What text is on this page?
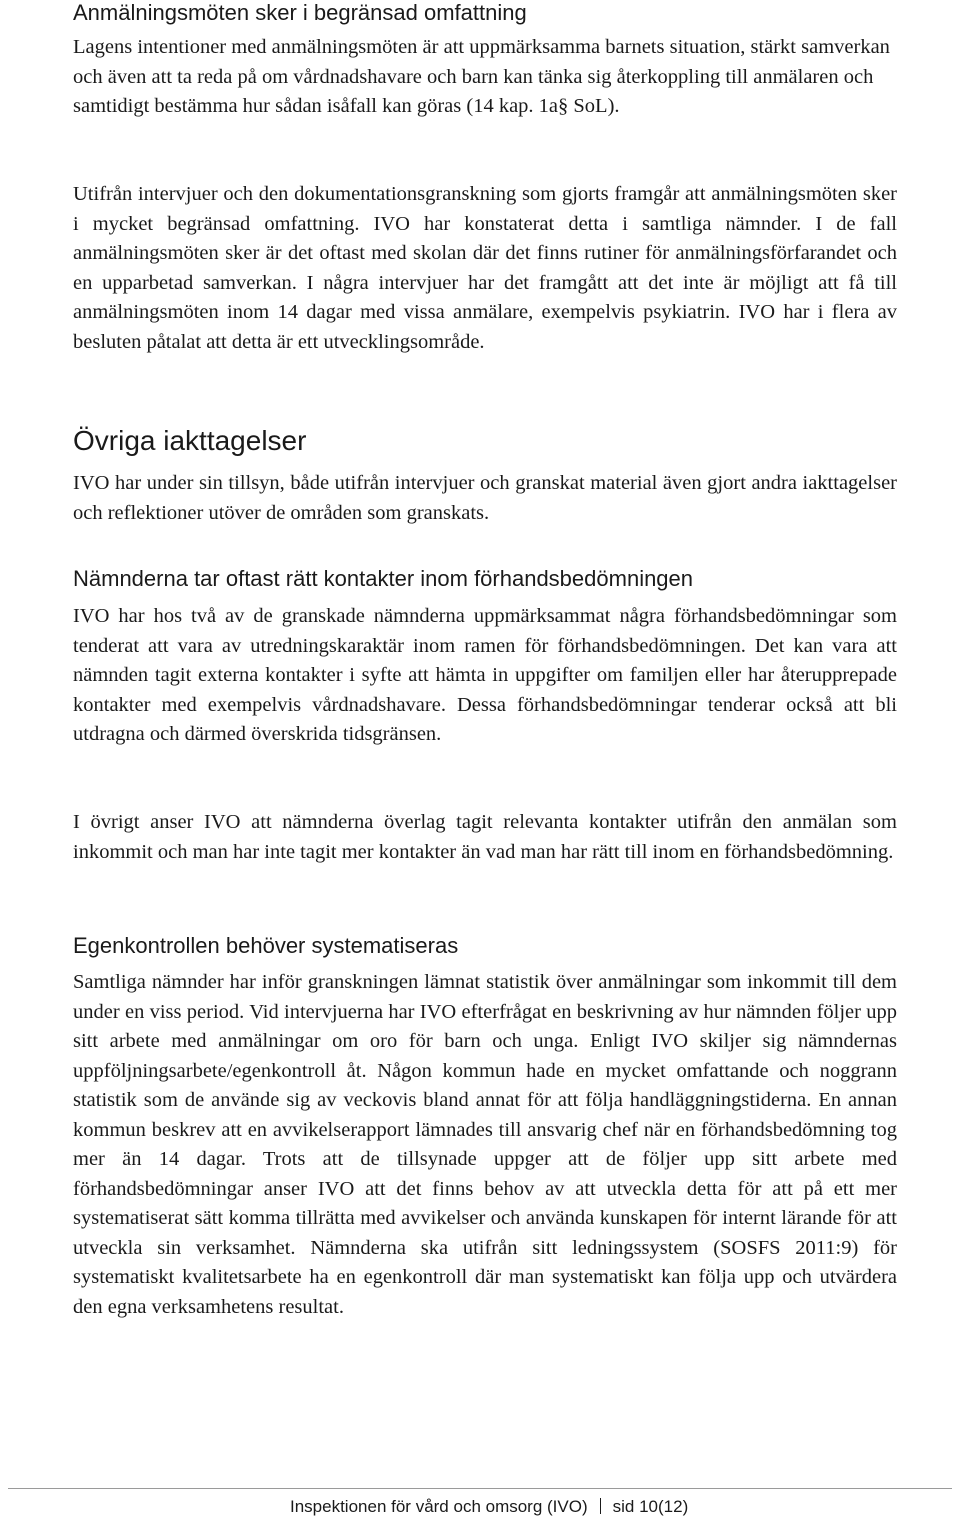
Anmälningsmöten sker i begränsad omfattning

Lagens intentioner med anmälningsmöten är att uppmärksamma barnets situation, stärkt samverkan och även att ta reda på om vårdnadshavare och barn kan tänka sig återkoppling till anmälaren och samtidigt bestämma hur sådan isåfall kan göras (14 kap. 1a§ SoL).

Utifrån intervjuer och den dokumentationsgranskning som gjorts framgår att anmälningsmöten sker i mycket begränsad omfattning. IVO har konstaterat detta i samtliga nämnder. I de fall anmälningsmöten sker är det oftast med skolan där det finns rutiner för anmälningsförfarandet och en upparbetad samverkan. I några intervjuer har det framgått att det inte är möjligt att få till anmälningsmöten inom 14 dagar med vissa anmälare, exempelvis psykiatrin. IVO har i flera av besluten påtalat att detta är ett utvecklingsområde.

Övriga iakttagelser

IVO har under sin tillsyn, både utifrån intervjuer och granskat material även gjort andra iakttagelser och reflektioner utöver de områden som granskats.

Nämnderna tar oftast rätt kontakter inom förhandsbedömningen

IVO har hos två av de granskade nämnderna uppmärksammat några förhandsbedömningar som tenderat att vara av utredningskaraktär inom ramen för förhandsbedömningen. Det kan vara att nämnden tagit externa kontakter i syfte att hämta in uppgifter om familjen eller har återupprepade kontakter med exempelvis vårdnadshavare. Dessa förhandsbedömningar tenderar också att bli utdragna och därmed överskrida tidsgränsen.

I övrigt anser IVO att nämnderna överlag tagit relevanta kontakter utifrån den anmälan som inkommit och man har inte tagit mer kontakter än vad man har rätt till inom en förhandsbedömning.

Egenkontrollen behöver systematiseras

Samtliga nämnder har inför granskningen lämnat statistik över anmälningar som inkommit till dem under en viss period. Vid intervjuerna har IVO efterfrågat en beskrivning av hur nämnden följer upp sitt arbete med anmälningar om oro för barn och unga. Enligt IVO skiljer sig nämndernas uppföljningsarbete/egenkontroll åt. Någon kommun hade en mycket omfattande och noggrann statistik som de använde sig av veckovis bland annat för att följa handläggningstiderna. En annan kommun beskrev att en avvikelserapport lämnades till ansvarig chef när en förhandsbedömning tog mer än 14 dagar. Trots att de tillsynade uppger att de följer upp sitt arbete med förhandsbedömningar anser IVO att det finns behov av att utveckla detta för att på ett mer systematiserat sätt komma tillrätta med avvikelser och använda kunskapen för internt lärande för att utveckla sin verksamhet. Nämnderna ska utifrån sitt ledningssystem (SOSFS 2011:9) för systematiskt kvalitetsarbete ha en egenkontroll där man systematiskt kan följa upp och utvärdera den egna verksamhetens resultat.

Inspektionen för vård och omsorg (IVO) sid 10(12)
